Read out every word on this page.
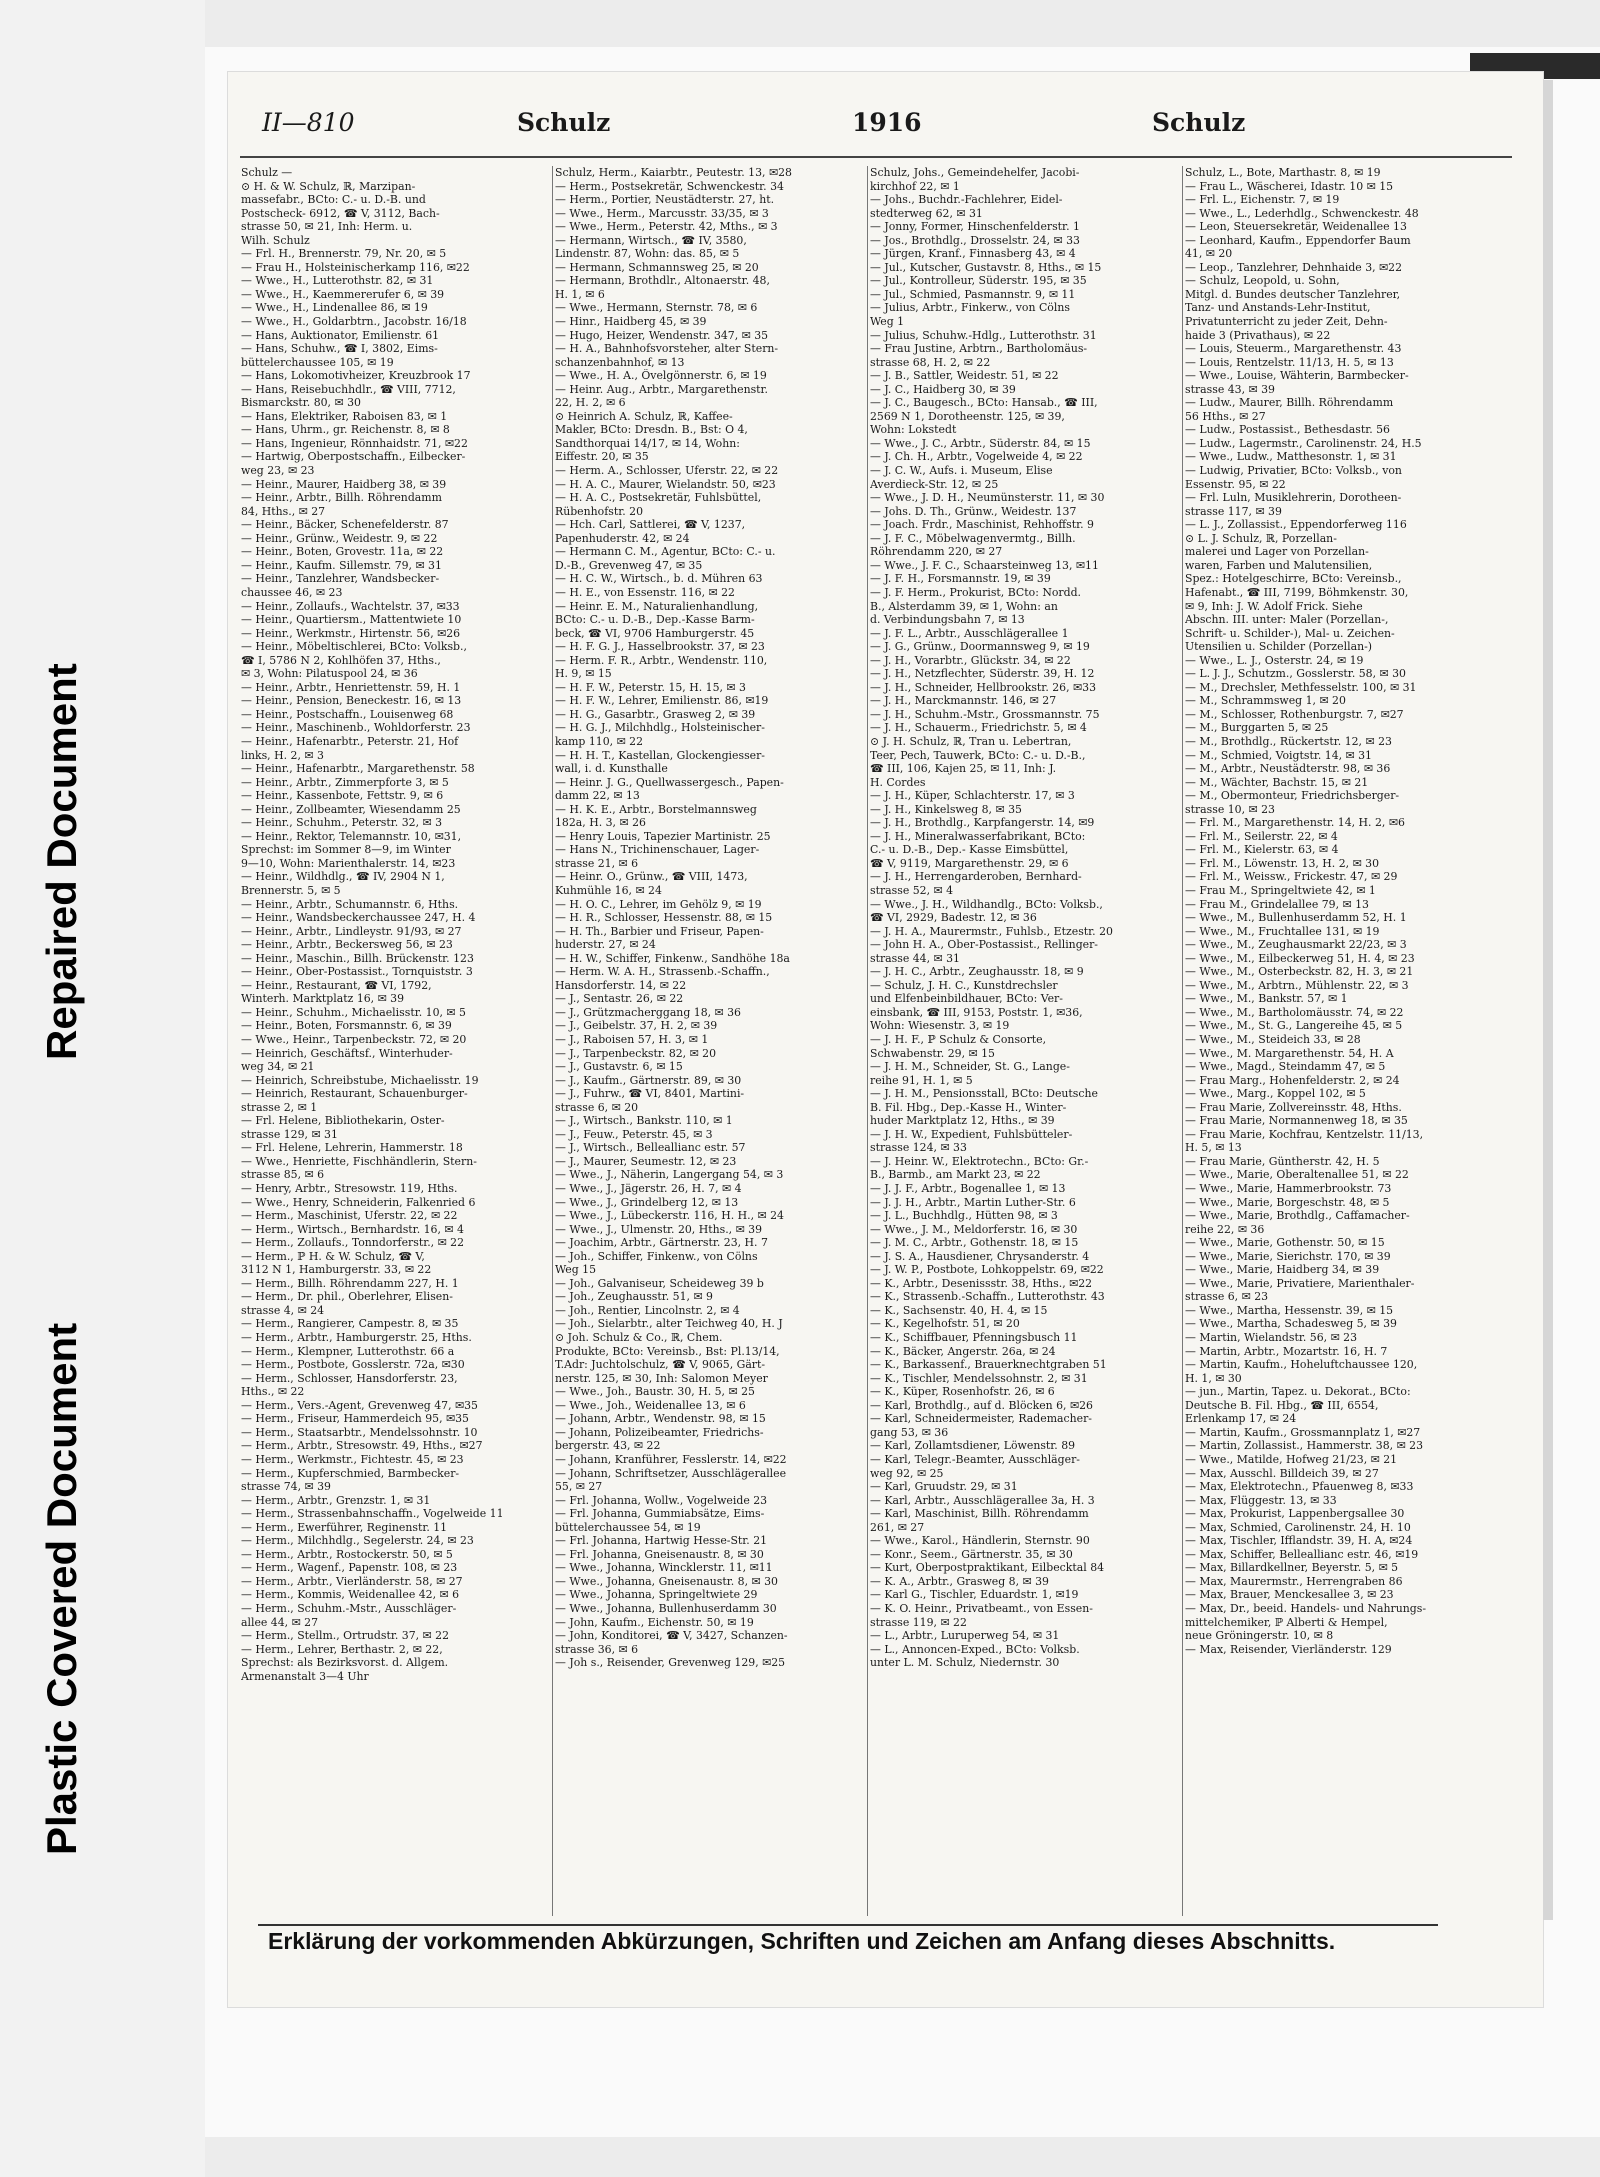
Plastic Covered Document
Repaired Document
II—810	Schulz	1916	Schulz
Schulz —
⊙ H. & W. Schulz, ℝ, Marzipan-
massefabr., BCto: C.- u. D.-B. und
Postscheck- 6912, ☎ V, 3112, Bach-
strasse 50, ✉ 21, Inh: Herm. u.
Wilh. Schulz
— Frl. H., Brennerstr. 79, Nr. 20, ✉ 5
— Frau H., Holsteinischerkamp 116, ✉22
— Wwe., H., Lutterothstr. 82, ✉ 31
— Wwe., H., Kaemmererufer 6, ✉ 39
— Wwe., H., Lindenallee 86, ✉ 19
— Wwe., H., Goldarbtrn., Jacobstr. 16/18
— Hans, Auktionator, Emilienstr. 61
— Hans, Schuhw., ☎ I, 3802, Eims-
büttelerchaussee 105, ✉ 19
— Hans, Lokomotivheizer, Kreuzbrook 17
— Hans, Reisebuchhdlr., ☎ VIII, 7712,
Bismarckstr. 80, ✉ 30
— Hans, Elektriker, Raboisen 83, ✉ 1
— Hans, Uhrm., gr. Reichenstr. 8, ✉ 8
— Hans, Ingenieur, Rönnhaidstr. 71, ✉22
— Hartwig, Oberpostschaffn., Eilbecker-
weg 23, ✉ 23
— Heinr., Maurer, Haidberg 38, ✉ 39
— Heinr., Arbtr., Billh. Röhrendamm
84, Hths., ✉ 27
— Heinr., Bäcker, Schenefelderstr. 87
— Heinr., Grünw., Weidestr. 9, ✉ 22
— Heinr., Boten, Grovestr. 11a, ✉ 22
— Heinr., Kaufm. Sillemstr. 79, ✉ 31
— Heinr., Tanzlehrer, Wandsbecker-
chaussee 46, ✉ 23
— Heinr., Zollaufs., Wachtelstr. 37, ✉33
— Heinr., Quartiersm., Mattentwiete 10
— Heinr., Werkmstr., Hirtenstr. 56, ✉26
— Heinr., Möbeltischlerei, BCto: Volksb.,
☎ I, 5786 N 2, Kohlhöfen 37, Hths.,
✉ 3, Wohn: Pilatuspool 24, ✉ 36
— Heinr., Arbtr., Henriettenstr. 59, H. 1
— Heinr., Pension, Beneckestr. 16, ✉ 13
— Heinr., Postschaffn., Louisenweg 68
— Heinr., Maschinenb., Wohldorferstr. 23
— Heinr., Hafenarbtr., Peterstr. 21, Hof
links, H. 2, ✉ 3
— Heinr., Hafenarbtr., Margarethenstr. 58
— Heinr., Arbtr., Zimmerpforte 3, ✉ 5
— Heinr., Kassenbote, Fettstr. 9, ✉ 6
— Heinr., Zollbeamter, Wiesendamm 25
— Heinr., Schuhm., Peterstr. 32, ✉ 3
— Heinr., Rektor, Telemannstr. 10, ✉31,
Sprechst: im Sommer 8—9, im Winter
9—10, Wohn: Marienthalerstr. 14, ✉23
— Heinr., Wildhdlg., ☎ IV, 2904 N 1,
Brennerstr. 5, ✉ 5
— Heinr., Arbtr., Schumannstr. 6, Hths.
— Heinr., Wandsbeckerchaussee 247, H. 4
— Heinr., Arbtr., Lindleystr. 91/93, ✉ 27
— Heinr., Arbtr., Beckersweg 56, ✉ 23
— Heinr., Maschin., Billh. Brückenstr. 123
— Heinr., Ober-Postassist., Tornquiststr. 3
— Heinr., Restaurant, ☎ VI, 1792,
Winterh. Marktplatz 16, ✉ 39
— Heinr., Schuhm., Michaelisstr. 10, ✉ 5
— Heinr., Boten, Forsmannstr. 6, ✉ 39
— Wwe., Heinr., Tarpenbeckstr. 72, ✉ 20
— Heinrich, Geschäftsf., Winterhuder-
weg 34, ✉ 21
— Heinrich, Schreibstube, Michaelisstr. 19
— Heinrich, Restaurant, Schauenburger-
strasse 2, ✉ 1
— Frl. Helene, Bibliothekarin, Oster-
strasse 129, ✉ 31
— Frl. Helene, Lehrerin, Hammerstr. 18
— Wwe., Henriette, Fischhändlerin, Stern-
strasse 85, ✉ 6
— Henry, Arbtr., Stresowstr. 119, Hths.
— Wwe., Henry, Schneiderin, Falkenried 6
— Herm., Maschinist, Uferstr. 22, ✉ 22
— Herm., Wirtsch., Bernhardstr. 16, ✉ 4
— Herm., Zollaufs., Tonndorferstr., ✉ 22
— Herm., ℙ H. & W. Schulz, ☎ V,
3112 N 1, Hamburgerstr. 33, ✉ 22
— Herm., Billh. Röhrendamm 227, H. 1
— Herm., Dr. phil., Oberlehrer, Elisen-
strasse 4, ✉ 24
— Herm., Rangierer, Campestr. 8, ✉ 35
— Herm., Arbtr., Hamburgerstr. 25, Hths.
— Herm., Klempner, Lutterothstr. 66 a
— Herm., Postbote, Gosslerstr. 72a, ✉30
— Herm., Schlosser, Hansdorferstr. 23,
Hths., ✉ 22
— Herm., Vers.-Agent, Grevenweg 47, ✉35
— Herm., Friseur, Hammerdeich 95, ✉35
— Herm., Staatsarbtr., Mendelssohnstr. 10
— Herm., Arbtr., Stresowstr. 49, Hths., ✉27
— Herm., Werkmstr., Fichtestr. 45, ✉ 23
— Herm., Kupferschmied, Barmbecker-
strasse 74, ✉ 39
— Herm., Arbtr., Grenzstr. 1, ✉ 31
— Herm., Strassenbahnschaffn., Vogelweide 11
— Herm., Ewerführer, Reginenstr. 11
— Herm., Milchhdlg., Segelerstr. 24, ✉ 23
— Herm., Arbtr., Rostockerstr. 50, ✉ 5
— Herm., Wagenf., Papenstr. 108, ✉ 23
— Herm., Arbtr., Vierländerstr. 58, ✉ 27
— Herm., Kommis, Weidenallee 42, ✉ 6
— Herm., Schuhm.-Mstr., Ausschläger-
allee 44, ✉ 27
— Herm., Stellm., Ortrudstr. 37, ✉ 22
— Herm., Lehrer, Berthastr. 2, ✉ 22,
Sprechst: als Bezirksvorst. d. Allgem.
Armenanstalt 3—4 Uhr
Schulz, Herm., Kaiarbtr., Peutestr. 13, ✉28
— Herm., Postsekretär, Schwenckestr. 34
— Herm., Portier, Neustädterstr. 27, ht.
— Wwe., Herm., Marcusstr. 33/35, ✉ 3
— Wwe., Herm., Peterstr. 42, Mths., ✉ 3
— Hermann, Wirtsch., ☎ IV, 3580,
Lindenstr. 87, Wohn: das. 85, ✉ 5
— Hermann, Schmannsweg 25, ✉ 20
— Hermann, Brothdlr., Altonaerstr. 48,
H. 1, ✉ 6
— Wwe., Hermann, Sternstr. 78, ✉ 6
— Hinr., Haidberg 45, ✉ 39
— Hugo, Heizer, Wendenstr. 347, ✉ 35
— H. A., Bahnhofsvorsteher, alter Stern-
schanzenbahnhof, ✉ 13
— Wwe., H. A., Övelgönnerstr. 6, ✉ 19
— Heinr. Aug., Arbtr., Margarethenstr.
22, H. 2, ✉ 6
⊙ Heinrich A. Schulz, ℝ, Kaffee-
Makler, BCto: Dresdn. B., Bst: O 4,
Sandthorquai 14/17, ✉ 14, Wohn:
Eiffestr. 20, ✉ 35
— Herm. A., Schlosser, Uferstr. 22, ✉ 22
— H. A. C., Maurer, Wielandstr. 50, ✉23
— H. A. C., Postsekretär, Fuhlsbüttel,
Rübenhofstr. 20
— Hch. Carl, Sattlerei, ☎ V, 1237,
Papenhuderstr. 42, ✉ 24
— Hermann C. M., Agentur, BCto: C.- u.
D.-B., Grevenweg 47, ✉ 35
— H. C. W., Wirtsch., b. d. Mühren 63
— H. E., von Essenstr. 116, ✉ 22
— Heinr. E. M., Naturalienhandlung,
BCto: C.- u. D.-B., Dep.-Kasse Barm-
beck, ☎ VI, 9706 Hamburgerstr. 45
— H. F. G. J., Hasselbrookstr. 37, ✉ 23
— Herm. F. R., Arbtr., Wendenstr. 110,
H. 9, ✉ 15
— H. F. W., Peterstr. 15, H. 15, ✉ 3
— H. F. W., Lehrer, Emilienstr. 86, ✉19
— H. G., Gasarbtr., Grasweg 2, ✉ 39
— H. G. J., Milchhdlg., Holsteinischer-
kamp 110, ✉ 22
— H. H. T., Kastellan, Glockengiesser-
wall, i. d. Kunsthalle
— Heinr. J. G., Quellwassergesch., Papen-
damm 22, ✉ 13
— H. K. E., Arbtr., Borstelmannsweg
182a, H. 3, ✉ 26
— Henry Louis, Tapezier Martinistr. 25
— Hans N., Trichinenschauer, Lager-
strasse 21, ✉ 6
— Heinr. O., Grünw., ☎ VIII, 1473,
Kuhmühle 16, ✉ 24
— H. O. C., Lehrer, im Gehölz 9, ✉ 19
— H. R., Schlosser, Hessenstr. 88, ✉ 15
— H. Th., Barbier und Friseur, Papen-
huderstr. 27, ✉ 24
— H. W., Schiffer, Finkenw., Sandhöhe 18a
— Herm. W. A. H., Strassenb.-Schaffn.,
Hansdorferstr. 14, ✉ 22
— J., Sentastr. 26, ✉ 22
— J., Grützmacherggang 18, ✉ 36
— J., Geibelstr. 37, H. 2, ✉ 39
— J., Raboisen 57, H. 3, ✉ 1
— J., Tarpenbeckstr. 82, ✉ 20
— J., Gustavstr. 6, ✉ 15
— J., Kaufm., Gärtnerstr. 89, ✉ 30
— J., Fuhrw., ☎ VI, 8401, Martini-
strasse 6, ✉ 20
— J., Wirtsch., Bankstr. 110, ✉ 1
— J., Feuw., Peterstr. 45, ✉ 3
— J., Wirtsch., Belleallianc estr. 57
— J., Maurer, Seumestr. 12, ✉ 23
— Wwe., J., Näherin, Langergang 54, ✉ 3
— Wwe., J., Jägerstr. 26, H. 7, ✉ 4
— Wwe., J., Grindelberg 12, ✉ 13
— Wwe., J., Lübeckerstr. 116, H. H., ✉ 24
— Wwe., J., Ulmenstr. 20, Hths., ✉ 39
— Joachim, Arbtr., Gärtnerstr. 23, H. 7
— Joh., Schiffer, Finkenw., von Cölns
Weg 15
— Joh., Galvaniseur, Scheideweg 39 b
— Joh., Zeughausstr. 51, ✉ 9
— Joh., Rentier, Lincolnstr. 2, ✉ 4
— Joh., Sielarbtr., alter Teichweg 40, H. J
⊙ Joh. Schulz & Co., ℝ, Chem.
Produkte, BCto: Vereinsb., Bst: Pl.13/14,
T.Adr: Juchtolschulz, ☎ V, 9065, Gärt-
nerstr. 125, ✉ 30, Inh: Salomon Meyer
— Wwe., Joh., Baustr. 30, H. 5, ✉ 25
— Wwe., Joh., Weidenallee 13, ✉ 6
— Johann, Arbtr., Wendenstr. 98, ✉ 15
— Johann, Polizeibeamter, Friedrichs-
bergerstr. 43, ✉ 22
— Johann, Kranführer, Fesslerstr. 14, ✉22
— Johann, Schriftsetzer, Ausschlägerallee
55, ✉ 27
— Frl. Johanna, Wollw., Vogelweide 23
— Frl. Johanna, Gummiabsätze, Eims-
büttelerchaussee 54, ✉ 19
— Frl. Johanna, Hartwig Hesse-Str. 21
— Frl. Johanna, Gneisenaustr. 8, ✉ 30
— Wwe., Johanna, Wincklerstr. 11, ✉11
— Wwe., Johanna, Gneisenaustr. 8, ✉ 30
— Wwe., Johanna, Springeltwiete 29
— Wwe., Johanna, Bullenhuserdamm 30
— John, Kaufm., Eichenstr. 50, ✉ 19
— John, Konditorei, ☎ V, 3427, Schanzen-
strasse 36, ✉ 6
— Joh s., Reisender, Grevenweg 129, ✉25
Schulz, Johs., Gemeindehelfer, Jacobi-
kirchhof 22, ✉ 1
— Johs., Buchdr.-Fachlehrer, Eidel-
stedterweg 62, ✉ 31
— Jonny, Former, Hinschenfelderstr. 1
— Jos., Brothdlg., Drosselstr. 24, ✉ 33
— Jürgen, Kranf., Finnasberg 43, ✉ 4
— Jul., Kutscher, Gustavstr. 8, Hths., ✉ 15
— Jul., Kontrolleur, Süderstr. 195, ✉ 35
— Jul., Schmied, Pasmannstr. 9, ✉ 11
— Julius, Arbtr., Finkerw., von Cölns
Weg 1
— Julius, Schuhw.-Hdlg., Lutterothstr. 31
— Frau Justine, Arbtrn., Bartholomäus-
strasse 68, H. 2, ✉ 22
— J. B., Sattler, Weidestr. 51, ✉ 22
— J. C., Haidberg 30, ✉ 39
— J. C., Baugesch., BCto: Hansab., ☎ III,
2569 N 1, Dorotheenstr. 125, ✉ 39,
Wohn: Lokstedt
— Wwe., J. C., Arbtr., Süderstr. 84, ✉ 15
— J. Ch. H., Arbtr., Vogelweide 4, ✉ 22
— J. C. W., Aufs. i. Museum, Elise
Averdieck-Str. 12, ✉ 25
— Wwe., J. D. H., Neumünsterstr. 11, ✉ 30
— Johs. D. Th., Grünw., Weidestr. 137
— Joach. Frdr., Maschinist, Rehhoffstr. 9
— J. F. C., Möbelwagenvermtg., Billh.
Röhrendamm 220, ✉ 27
— Wwe., J. F. C., Schaarsteinweg 13, ✉11
— J. F. H., Forsmannstr. 19, ✉ 39
— J. F. Herm., Prokurist, BCto: Nordd.
B., Alsterdamm 39, ✉ 1, Wohn: an
d. Verbindungsbahn 7, ✉ 13
— J. F. L., Arbtr., Ausschlägerallee 1
— J. G., Grünw., Doormannsweg 9, ✉ 19
— J. H., Vorarbtr., Glückstr. 34, ✉ 22
— J. H., Netzflechter, Süderstr. 39, H. 12
— J. H., Schneider, Hellbrookstr. 26, ✉33
— J. H., Marckmannstr. 146, ✉ 27
— J. H., Schuhm.-Mstr., Grossmannstr. 75
— J. H., Schauerm., Friedrichstr. 5, ✉ 4
⊙ J. H. Schulz, ℝ, Tran u. Lebertran,
Teer, Pech, Tauwerk, BCto: C.- u. D.-B.,
☎ III, 106, Kajen 25, ✉ 11, Inh: J.
H. Cordes
— J. H., Küper, Schlachterstr. 17, ✉ 3
— J. H., Kinkelsweg 8, ✉ 35
— J. H., Brothdlg., Karpfangerstr. 14, ✉9
— J. H., Mineralwasserfabrikant, BCto:
C.- u. D.-B., Dep.- Kasse Eimsbüttel,
☎ V, 9119, Margarethenstr. 29, ✉ 6
— J. H., Herrengarderoben, Bernhard-
strasse 52, ✉ 4
— Wwe., J. H., Wildhandlg., BCto: Volksb.,
☎ VI, 2929, Badestr. 12, ✉ 36
— J. H. A., Maurermstr., Fuhlsb., Etzestr. 20
— John H. A., Ober-Postassist., Rellinger-
strasse 44, ✉ 31
— J. H. C., Arbtr., Zeughausstr. 18, ✉ 9
— Schulz, J. H. C., Kunstdrechsler
und Elfenbeinbildhauer, BCto: Ver-
einsbank, ☎ III, 9153, Poststr. 1, ✉36,
Wohn: Wiesenstr. 3, ✉ 19
— J. H. F., ℙ Schulz & Consorte,
Schwabenstr. 29, ✉ 15
— J. H. M., Schneider, St. G., Lange-
reihe 91, H. 1, ✉ 5
— J. H. M., Pensionsstall, BCto: Deutsche
B. Fil. Hbg., Dep.-Kasse H., Winter-
huder Marktplatz 12, Hths., ✉ 39
— J. H. W., Expedient, Fuhlsbütteler-
strasse 124, ✉ 33
— J. Heinr. W., Elektrotechn., BCto: Gr.-
B., Barmb., am Markt 23, ✉ 22
— J. J. F., Arbtr., Bogenallee 1, ✉ 13
— J. J. H., Arbtr., Martin Luther-Str. 6
— J. L., Buchhdlg., Hütten 98, ✉ 3
— Wwe., J. M., Meldorferstr. 16, ✉ 30
— J. M. C., Arbtr., Gothenstr. 18, ✉ 15
— J. S. A., Hausdiener, Chrysanderstr. 4
— J. W. P., Postbote, Lohkoppelstr. 69, ✉22
— K., Arbtr., Desenissstr. 38, Hths., ✉22
— K., Strassenb.-Schaffn., Lutterothstr. 43
— K., Sachsenstr. 40, H. 4, ✉ 15
— K., Kegelhofstr. 51, ✉ 20
— K., Schiffbauer, Pfenningsbusch 11
— K., Bäcker, Angerstr. 26a, ✉ 24
— K., Barkassenf., Brauerknechtgraben 51
— K., Tischler, Mendelssohnstr. 2, ✉ 31
— K., Küper, Rosenhofstr. 26, ✉ 6
— Karl, Brothdlg., auf d. Blöcken 6, ✉26
— Karl, Schneidermeister, Rademacher-
gang 53, ✉ 36
— Karl, Zollamtsdiener, Löwenstr. 89
— Karl, Telegr.-Beamter, Ausschläger-
weg 92, ✉ 25
— Karl, Gruudstr. 29, ✉ 31
— Karl, Arbtr., Ausschlägerallee 3a, H. 3
— Karl, Maschinist, Billh. Röhrendamm
261, ✉ 27
— Wwe., Karol., Händlerin, Sternstr. 90
— Konr., Seem., Gärtnerstr. 35, ✉ 30
— Kurt, Oberpostpraktikant, Eilbecktal 84
— K. A., Arbtr., Grasweg 8, ✉ 39
— Karl G., Tischler, Eduardstr. 1, ✉19
— K. O. Heinr., Privatbeamt., von Essen-
strasse 119, ✉ 22
— L., Arbtr., Luruperweg 54, ✉ 31
— L., Annoncen-Exped., BCto: Volksb.
unter L. M. Schulz, Niedernstr. 30
Schulz, L., Bote, Marthastr. 8, ✉ 19
— Frau L., Wäscherei, Idastr. 10 ✉ 15
— Frl. L., Eichenstr. 7, ✉ 19
— Wwe., L., Lederhdlg., Schwenckestr. 48
— Leon, Steuersekretär, Weidenallee 13
— Leonhard, Kaufm., Eppendorfer Baum
41, ✉ 20
— Leop., Tanzlehrer, Dehnhaide 3, ✉22
— Schulz, Leopold, u. Sohn,
Mitgl. d. Bundes deutscher Tanzlehrer,
Tanz- und Anstands-Lehr-Institut,
Privatunterricht zu jeder Zeit, Dehn-
haide 3 (Privathaus), ✉ 22
— Louis, Steuerm., Margarethenstr. 43
— Louis, Rentzelstr. 11/13, H. 5, ✉ 13
— Wwe., Louise, Wähterin, Barmbecker-
strasse 43, ✉ 39
— Ludw., Maurer, Billh. Röhrendamm
56 Hths., ✉ 27
— Ludw., Postassist., Bethesdastr. 56
— Ludw., Lagermstr., Carolinenstr. 24, H.5
— Wwe., Ludw., Matthesonstr. 1, ✉ 31
— Ludwig, Privatier, BCto: Volksb., von
Essenstr. 95, ✉ 22
— Frl. Luln, Musiklehrerin, Dorotheen-
strasse 117, ✉ 39
— L. J., Zollassist., Eppendorferweg 116
⊙ L. J. Schulz, ℝ, Porzellan-
malerei und Lager von Porzellan-
waren, Farben und Malutensilien,
Spez.: Hotelgeschirre, BCto: Vereinsb.,
Hafenabt., ☎ III, 7199, Böhmkenstr. 30,
✉ 9, Inh: J. W. Adolf Frick. Siehe
Abschn. III. unter: Maler (Porzellan-,
Schrift- u. Schilder-), Mal- u. Zeichen-
Utensilien u. Schilder (Porzellan-)
— Wwe., L. J., Osterstr. 24, ✉ 19
— L. J. J., Schutzm., Gosslerstr. 58, ✉ 30
— M., Drechsler, Methfesselstr. 100, ✉ 31
— M., Schrammsweg 1, ✉ 20
— M., Schlosser, Rothenburgstr. 7, ✉27
— M., Burggarten 5, ✉ 25
— M., Brothdlg., Rückertstr. 12, ✉ 23
— M., Schmied, Voigtstr. 14, ✉ 31
— M., Arbtr., Neustädterstr. 98, ✉ 36
— M., Wächter, Bachstr. 15, ✉ 21
— M., Obermonteur, Friedrichsberger-
strasse 10, ✉ 23
— Frl. M., Margarethenstr. 14, H. 2, ✉6
— Frl. M., Seilerstr. 22, ✉ 4
— Frl. M., Kielerstr. 63, ✉ 4
— Frl. M., Löwenstr. 13, H. 2, ✉ 30
— Frl. M., Weissw., Frickestr. 47, ✉ 29
— Frau M., Springeltwiete 42, ✉ 1
— Frau M., Grindelallee 79, ✉ 13
— Wwe., M., Bullenhuserdamm 52, H. 1
— Wwe., M., Fruchtallee 131, ✉ 19
— Wwe., M., Zeughausmarkt 22/23, ✉ 3
— Wwe., M., Eilbeckerweg 51, H. 4, ✉ 23
— Wwe., M., Osterbeckstr. 82, H. 3, ✉ 21
— Wwe., M., Arbtrn., Mühlenstr. 22, ✉ 3
— Wwe., M., Bankstr. 57, ✉ 1
— Wwe., M., Bartholomäusstr. 74, ✉ 22
— Wwe., M., St. G., Langereihe 45, ✉ 5
— Wwe., M., Steideich 33, ✉ 28
— Wwe., M. Margarethenstr. 54, H. A
— Wwe., Magd., Steindamm 47, ✉ 5
— Frau Marg., Hohenfelderstr. 2, ✉ 24
— Wwe., Marg., Koppel 102, ✉ 5
— Frau Marie, Zollvereinsstr. 48, Hths.
— Frau Marie, Normannenweg 18, ✉ 35
— Frau Marie, Kochfrau, Kentzelstr. 11/13,
H. 5, ✉ 13
— Frau Marie, Güntherstr. 42, H. 5
— Wwe., Marie, Oberaltenallee 51, ✉ 22
— Wwe., Marie, Hammerbrookstr. 73
— Wwe., Marie, Borgeschstr. 48, ✉ 5
— Wwe., Marie, Brothdlg., Caffamacher-
reihe 22, ✉ 36
— Wwe., Marie, Gothenstr. 50, ✉ 15
— Wwe., Marie, Sierichstr. 170, ✉ 39
— Wwe., Marie, Haidberg 34, ✉ 39
— Wwe., Marie, Privatiere, Marienthaler-
strasse 6, ✉ 23
— Wwe., Martha, Hessenstr. 39, ✉ 15
— Wwe., Martha, Schadesweg 5, ✉ 39
— Martin, Wielandstr. 56, ✉ 23
— Martin, Arbtr., Mozartstr. 16, H. 7
— Martin, Kaufm., Hoheluftchaussee 120,
H. 1, ✉ 30
— jun., Martin, Tapez. u. Dekorat., BCto:
Deutsche B. Fil. Hbg., ☎ III, 6554,
Erlenkamp 17, ✉ 24
— Martin, Kaufm., Grossmannplatz 1, ✉27
— Martin, Zollassist., Hammerstr. 38, ✉ 23
— Wwe., Matilde, Hofweg 21/23, ✉ 21
— Max, Ausschl. Billdeich 39, ✉ 27
— Max, Elektrotechn., Pfauenweg 8, ✉33
— Max, Flüggestr. 13, ✉ 33
— Max, Prokurist, Lappenbergsallee 30
— Max, Schmied, Carolinenstr. 24, H. 10
— Max, Tischler, Ifflandstr. 39, H. A, ✉24
— Max, Schiffer, Belleallianc estr. 46, ✉19
— Max, Billardkellner, Beyerstr. 5, ✉ 5
— Max, Maurermstr., Herrengraben 86
— Max, Brauer, Menckesallee 3, ✉ 23
— Max, Dr., beeid. Handels- und Nahrungs-
mittelchemiker, ℙ Alberti & Hempel,
neue Gröningerstr. 10, ✉ 8
— Max, Reisender, Vierländerstr. 129
Erklärung der vorkommenden Abkürzungen, Schriften und Zeichen am Anfang dieses Abschnitts.
